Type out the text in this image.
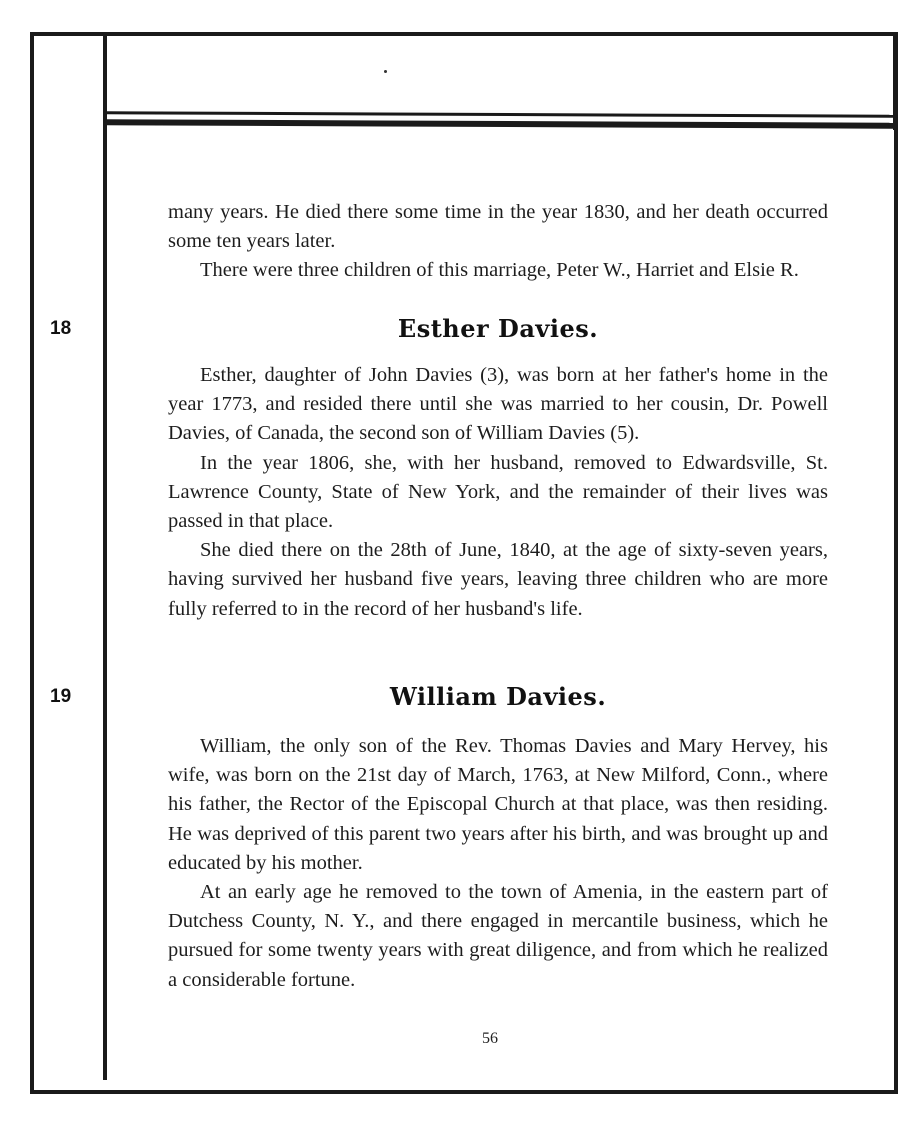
many years. He died there some time in the year 1830, and her death occurred some ten years later.

There were three children of this marriage, Peter W., Harriet and Elsie R.

18	Esther Davies.

Esther, daughter of John Davies (3), was born at her father's home in the year 1773, and resided there until she was married to her cousin, Dr. Powell Davies, of Canada, the second son of William Davies (5).

In the year 1806, she, with her husband, removed to Edwardsville, St. Lawrence County, State of New York, and the remainder of their lives was passed in that place.

She died there on the 28th of June, 1840, at the age of sixty-seven years, having survived her husband five years, leaving three children who are more fully referred to in the record of her husband's life.

19	William Davies.

William, the only son of the Rev. Thomas Davies and Mary Hervey, his wife, was born on the 21st day of March, 1763, at New Milford, Conn., where his father, the Rector of the Episcopal Church at that place, was then residing. He was deprived of this parent two years after his birth, and was brought up and educated by his mother.

At an early age he removed to the town of Amenia, in the eastern part of Dutchess County, N. Y., and there engaged in mercantile business, which he pursued for some twenty years with great diligence, and from which he realized a considerable fortune.

56
